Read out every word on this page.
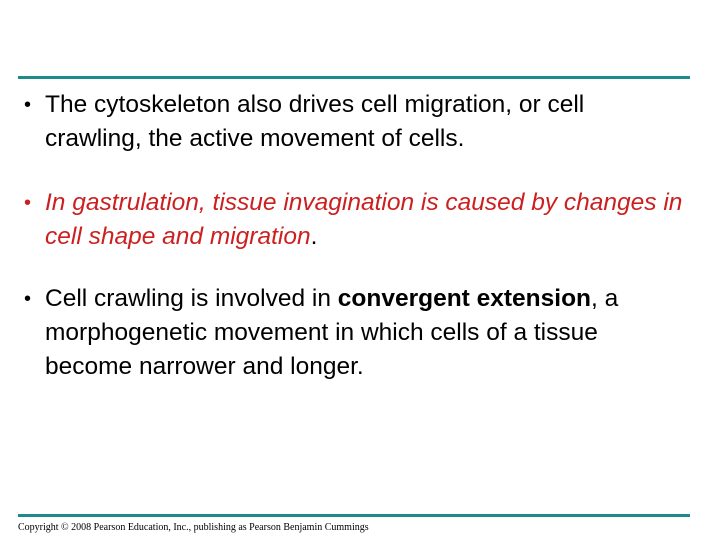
• The cytoskeleton also drives cell migration, or cell crawling, the active movement of cells.
• In gastrulation, tissue invagination is caused by changes in cell shape and migration.
• Cell crawling is involved in convergent extension, a morphogenetic movement in which cells of a tissue become narrower and longer.
Copyright © 2008 Pearson Education, Inc., publishing as Pearson Benjamin Cummings
